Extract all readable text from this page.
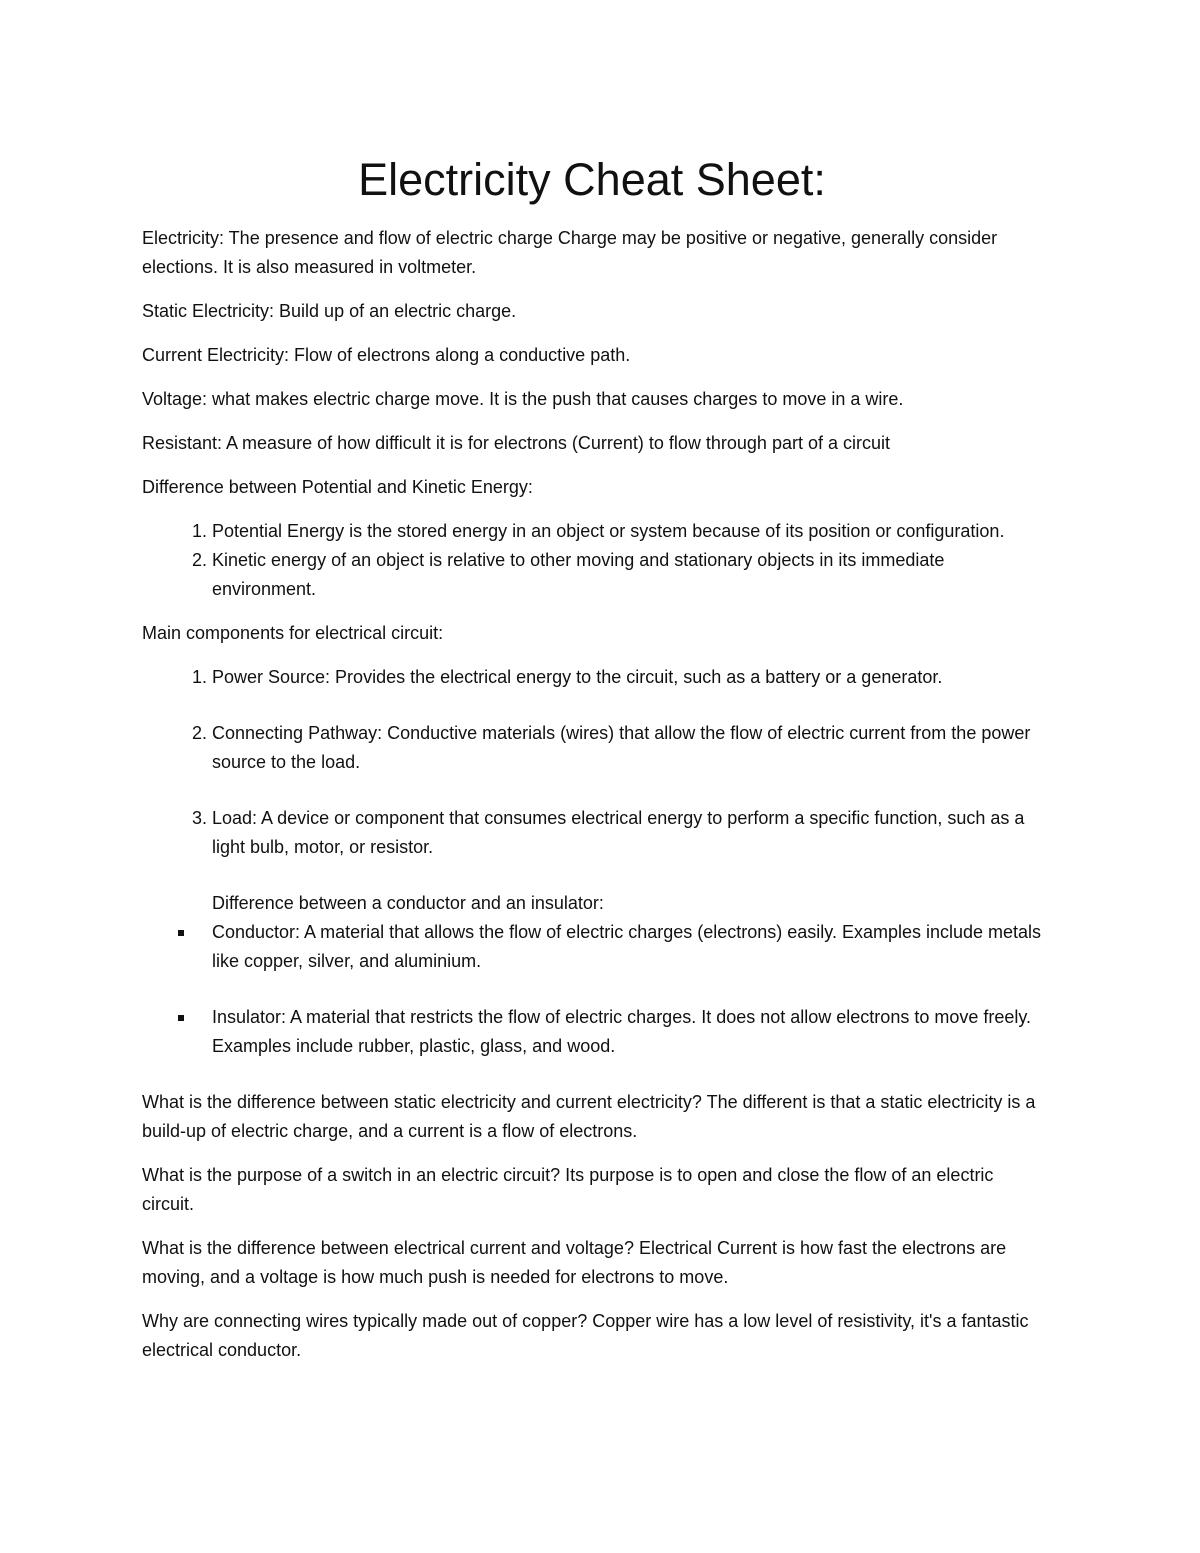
Electricity Cheat Sheet:

Electricity: The presence and flow of electric charge Charge may be positive or negative, generally consider elections. It is also measured in voltmeter.

Static Electricity: Build up of an electric charge.

Current Electricity: Flow of electrons along a conductive path.

Voltage: what makes electric charge move. It is the push that causes charges to move in a wire.

Resistant: A measure of how difficult it is for electrons (Current) to flow through part of a circuit

Difference between Potential and Kinetic Energy:

1. Potential Energy is the stored energy in an object or system because of its position or configuration.
2. Kinetic energy of an object is relative to other moving and stationary objects in its immediate environment.

Main components for electrical circuit:

1. Power Source: Provides the electrical energy to the circuit, such as a battery or a generator.
2. Connecting Pathway: Conductive materials (wires) that allow the flow of electric current from the power source to the load.
3. Load: A device or component that consumes electrical energy to perform a specific function, such as a light bulb, motor, or resistor.
Difference between a conductor and an insulator:
Conductor: A material that allows the flow of electric charges (electrons) easily. Examples include metals like copper, silver, and aluminium.
Insulator: A material that restricts the flow of electric charges. It does not allow electrons to move freely. Examples include rubber, plastic, glass, and wood.

What is the difference between static electricity and current electricity? The different is that a static electricity is a build-up of electric charge, and a current is a flow of electrons.

What is the purpose of a switch in an electric circuit? Its purpose is to open and close the flow of an electric circuit.

What is the difference between electrical current and voltage? Electrical Current is how fast the electrons are moving, and a voltage is how much push is needed for electrons to move.

Why are connecting wires typically made out of copper? Copper wire has a low level of resistivity, it's a fantastic electrical conductor.
